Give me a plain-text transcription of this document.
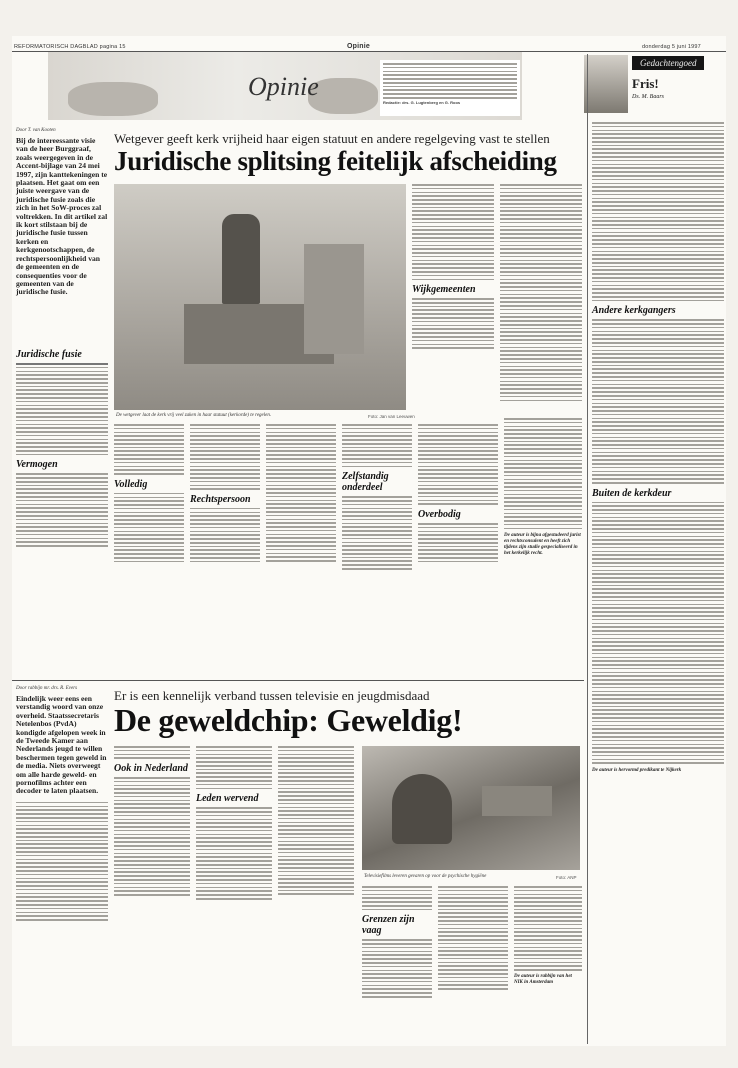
REFORMATORISCH DAGBLAD pagina 15	Opinie	donderdag 5 juni 1997
Opinie
Redactie: drs. G. Lugtenberg en G. Roos
Gedachtengoed
Fris!
Ds. M. Baars
Door T. van Kooten
Bij de intereessante visie van de heer Burggraaf, zoals weergegeven in de Accent-bijlage van 24 mei 1997, zijn kanttekeningen te plaatsen. Het gaat om een juiste weergave van de juridische fusie zoals die zich in het SoW-proces zal voltrekken. In dit artikel zal ik kort stilstaan bij de juridische fusie tussen kerken en kerkgenootschappen, de rechtspersoonlijkheid van de gemeenten en de consequenties voor de gemeenten van de juridische fusie.
Juridische fusie
Vermogen
Wetgever geeft kerk vrijheid haar eigen statuut en andere regelgeving vast te stellen
Juridische splitsing feitelijk afscheiding
De wetgever laat de kerk vrij veel zaken in haar statuut (kerkorde) te regelen.	Foto: Jan van Leeuwen
Wijkgemeenten
Volledig
Rechtspersoon
Zelfstandig onderdeel
Overbodig
De auteur is bijna afgestudeerd jurist en rechtsconsulent en heeft zich tijdens zijn studie gespecialiseerd in het kerkelijk recht.
Andere kerkgangers
Buiten de kerkdeur
De auteur is hervormd predikant te Nijkerk
Door rabbijn mr. drs. R. Evers
Eindelijk weer eens een verstandig woord van onze overheid. Staatssecretaris Netelenbos (PvdA) kondigde afgelopen week in de Tweede Kamer aan Nederlands jeugd te willen beschermen tegen geweld in de media. Niets overweegt om alle harde geweld- en pornofilms achter een decoder te laten plaatsen.
Er is een kennelijk verband tussen televisie en jeugdmisdaad
De geweldchip: Geweldig!
Ook in Nederland
Leden wervend
Televisiefilms leveren gevaren op voor de psychische hygiëne	Foto: ANP
Grenzen zijn vaag
De auteur is rabbijn van het NIK in Amsterdam
